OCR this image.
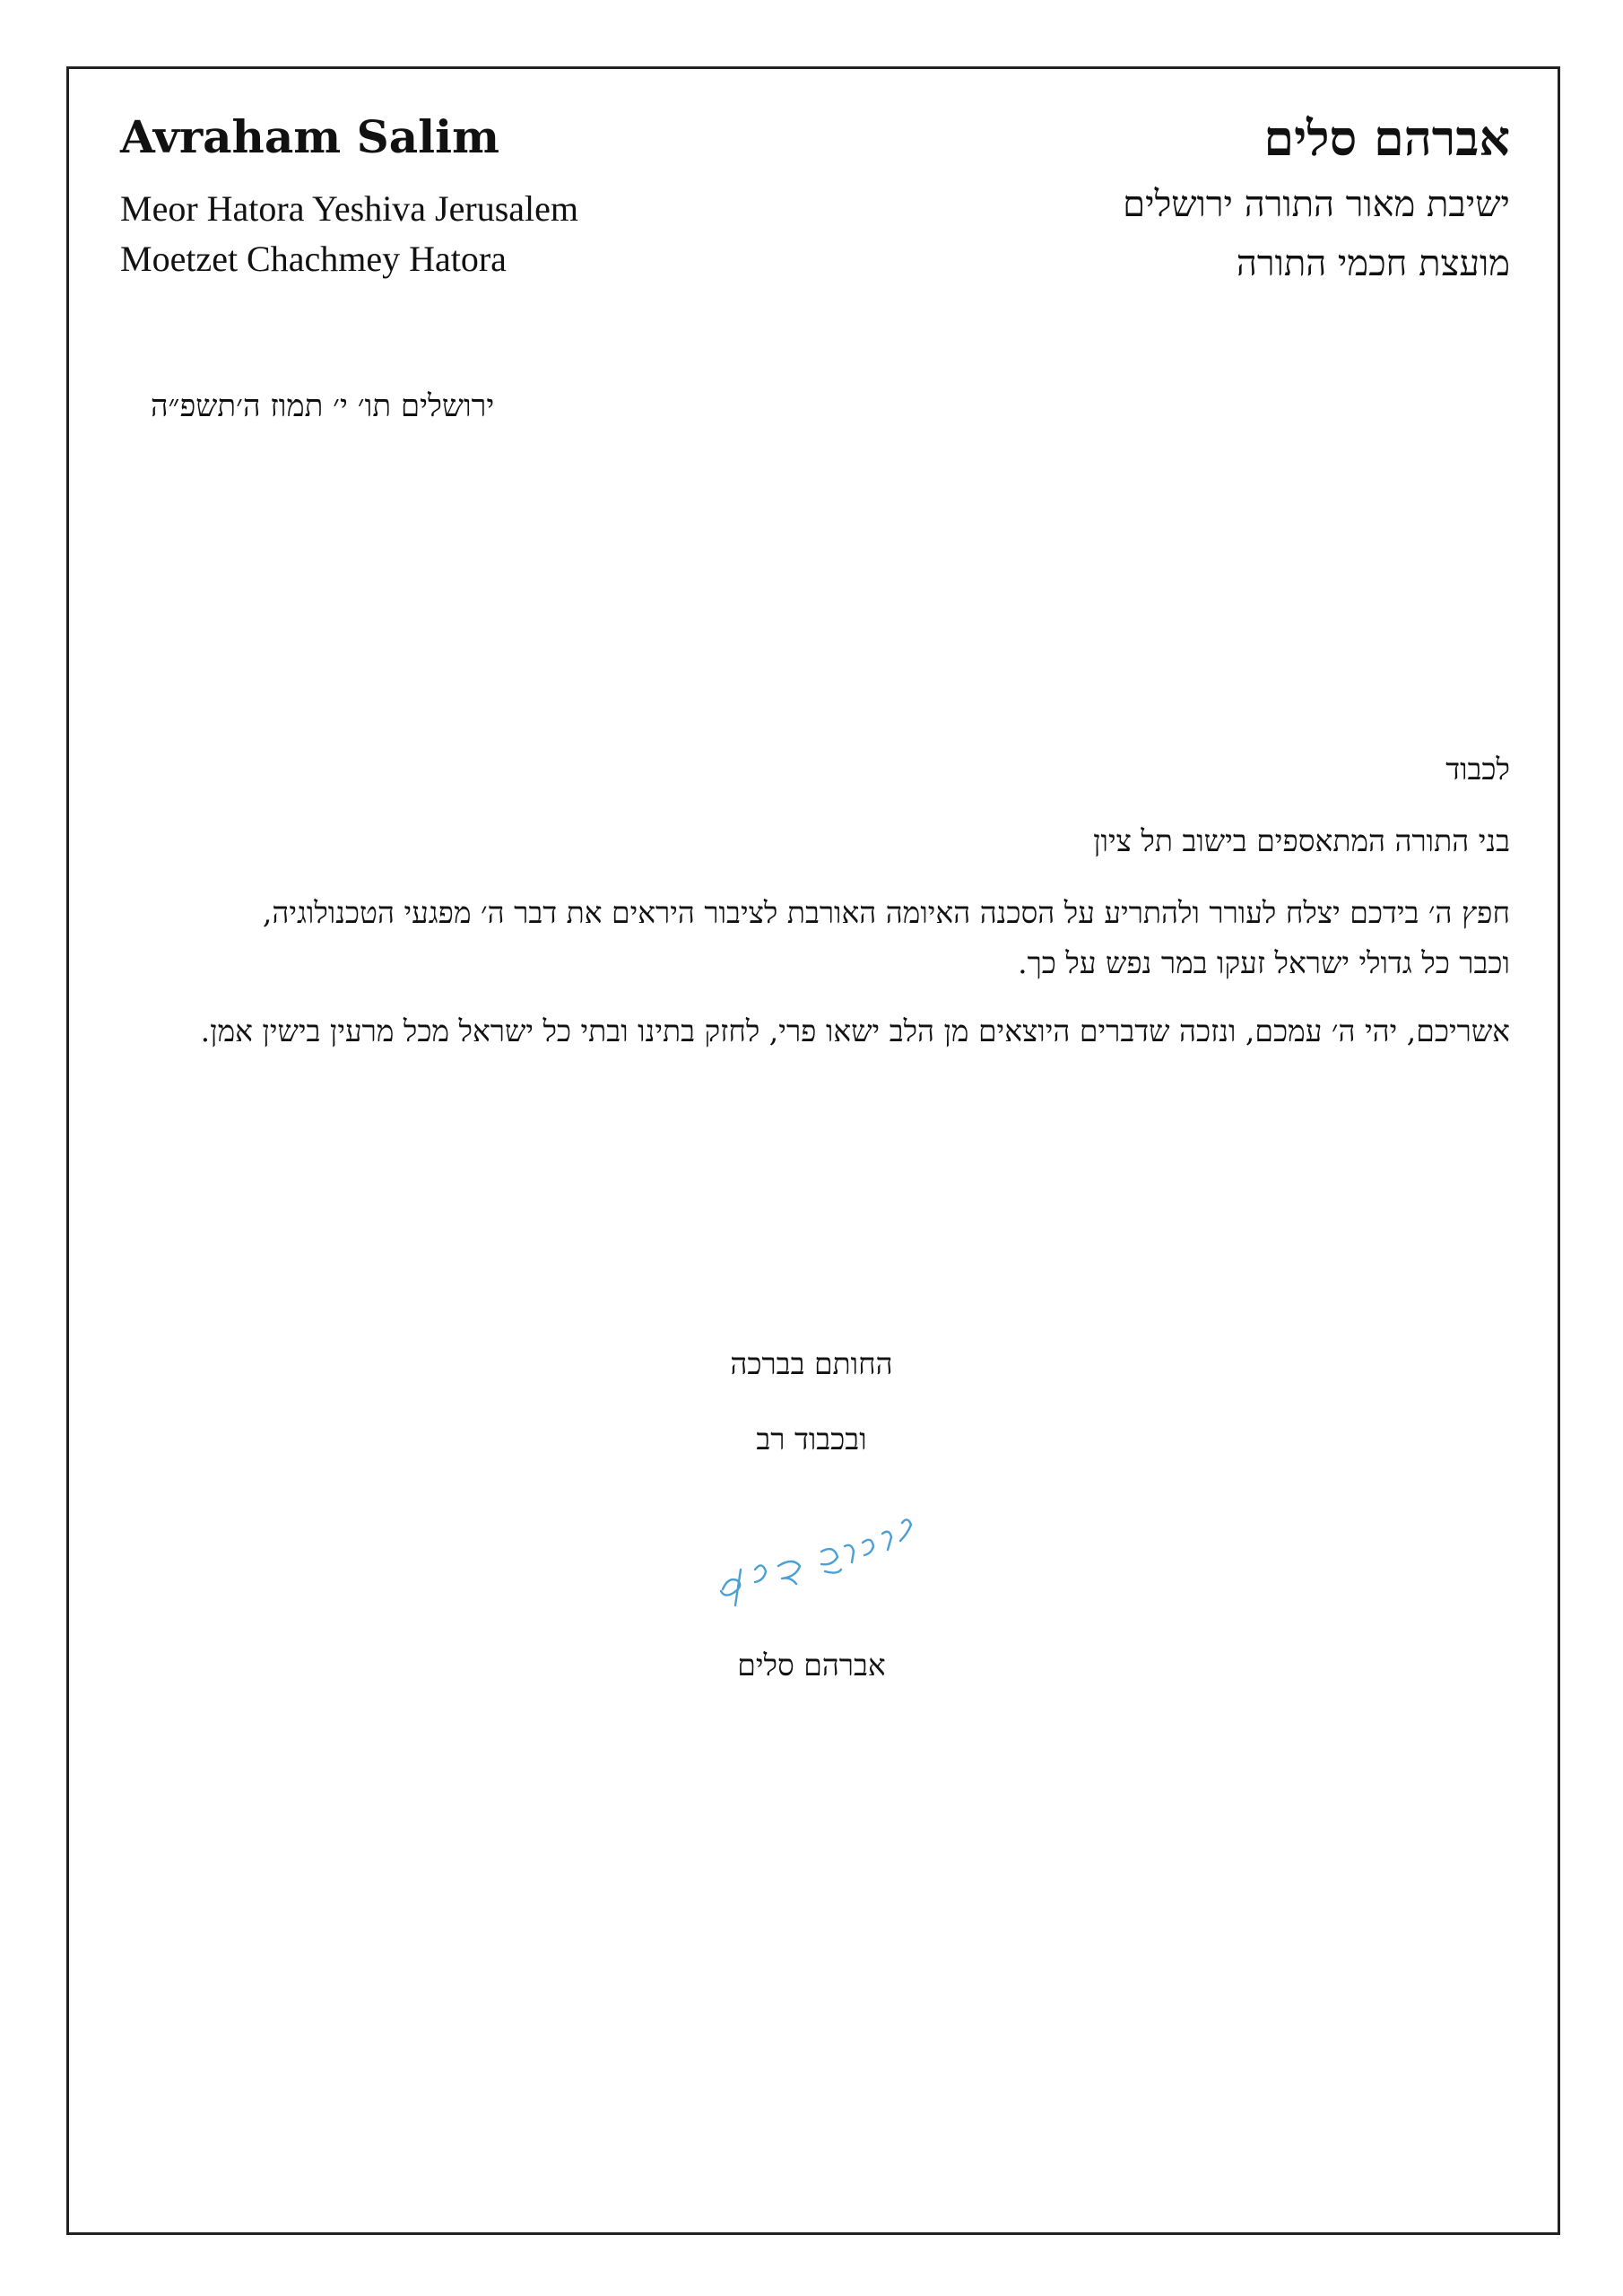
Avraham Salim
Meor Hatora Yeshiva Jerusalem
Moetzet Chachmey Hatora
אברהם סלים
ישיבת מאור התורה ירושלים
מועצת חכמי התורה
ירושלים תו׳ י׳ תמוז ה׳תשפ״ה
לכבוד
בני התורה המתאספים בישוב תל ציון
חפץ ה׳ בידכם יצלח לעורר ולהתריע על הסכנה האיומה האורבת לציבור היראים את דבר ה׳ מפגעי הטכנולוגיה, וכבר כל גדולי ישראל זעקו במר נפש על כך.
אשריכם, יהי ה׳ עמכם, ונזכה שדברים היוצאים מן הלב ישאו פרי, לחזק בתינו ובתי כל ישראל מכל מרעין בישין אמן.
החותם בברכה
ובכבוד רב
אברהם סלים
